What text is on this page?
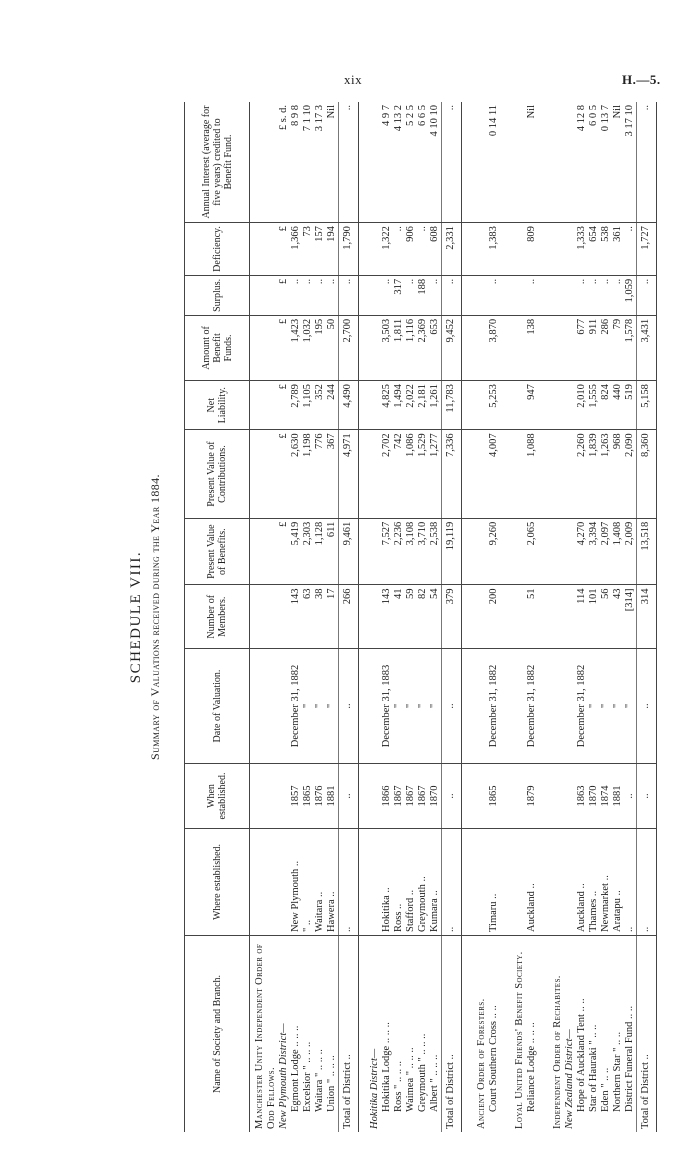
xix	H.—5.
SCHEDULE VIII. Summary of Valuations received during the Year 1884.
Name of Society and Branch.	Where established.	When established.	Date of Valuation.	Number of Members.	Present Value of Benefits.	Present Value of Contributions.	Net Liability.	Amount of Benefit Funds.	Surplus.	Deficiency.	Annual Interest (average for five years) credited to Benefit Fund.
Manchester Unity Independent Order of Odd Fellows.											
New Plymouth District—					£	£	£	£	£	£	£ s. d.
Egmont Lodge .. .. ..	New Plymouth ..	1857	December 31, 1882	143	5,419	2,630	2,789	1,423	..	1,366	8 9 8
Excelsior " .. .. ..	" ..	1865	"	63	2,303	1,198	1,105	1,032	..	73	7 1 10
Waitara " .. .. ..	Waitara ..	1876	"	38	1,128	776	352	195	..	157	3 17 3
Union " .. .. ..	Hawera ..	1881	"	17	611	367	244	50	..	194	Nil
Total of District ..	..	..	..	266	9,461	4,971	4,490	2,700	..	1,790	..

Hokitika District—											
Hokitika Lodge .. .. ..	Hokitika ..	1866	December 31, 1883	143	7,527	2,702	4,825	3,503	..	1,322	4 9 7
Ross " .. .. ..	Ross ..	1867	"	41	2,236	742	1,494	1,811	317	..	4 13 2
Waimea " .. .. ..	Stafford ..	1867	"	59	3,108	1,086	2,022	1,116	..	906	5 2 5
Greymouth " .. .. ..	Greymouth ..	1867	"	82	3,710	1,529	2,181	2,369	188	..	6 6 5
Albert " .. .. ..	Kumara ..	1870	"	54	2,538	1,277	1,261	653	..	608	4 10 10
Total of District ..	..	..	..	379	19,119	7,336	11,783	9,452	..	2,331	..

Ancient Order of Foresters.											
Court Southern Cross .. ..	Timaru ..	1865	December 31, 1882	200	9,260	4,007	5,253	3,870	..	1,383	0 14 11

Loyal United Friends' Benefit Society.											
Reliance Lodge .. .. ..	Auckland ..	1879	December 31, 1882	51	2,065	1,088	947	138	..	809	Nil

Independent Order of Rechabites.											
New Zealand District—											
Hope of Auckland Tent .. ..	Auckland ..	1863	December 31, 1882	114	4,270	2,260	2,010	677	..	1,333	4 12 8
Star of Hauraki " .. ..	Thames ..	1870	"	101	3,394	1,839	1,555	911	..	654	6 0 5
Eden " .. ..	Newmarket ..	1874	"	56	2,097	1,263	824	286	..	538	0 13 7
Northern Star " .. ..	Aratapu ..	1881	"	43	1,408	968	440	79	..	361	Nil
District Funeral Fund .. ..	..	..	"	[314]	2,009	2,090	519	1,578	1,059	..	3 17 10
Total of District ..	..	..	..	314	13,518	8,360	5,158	3,431	..	1,727	..
